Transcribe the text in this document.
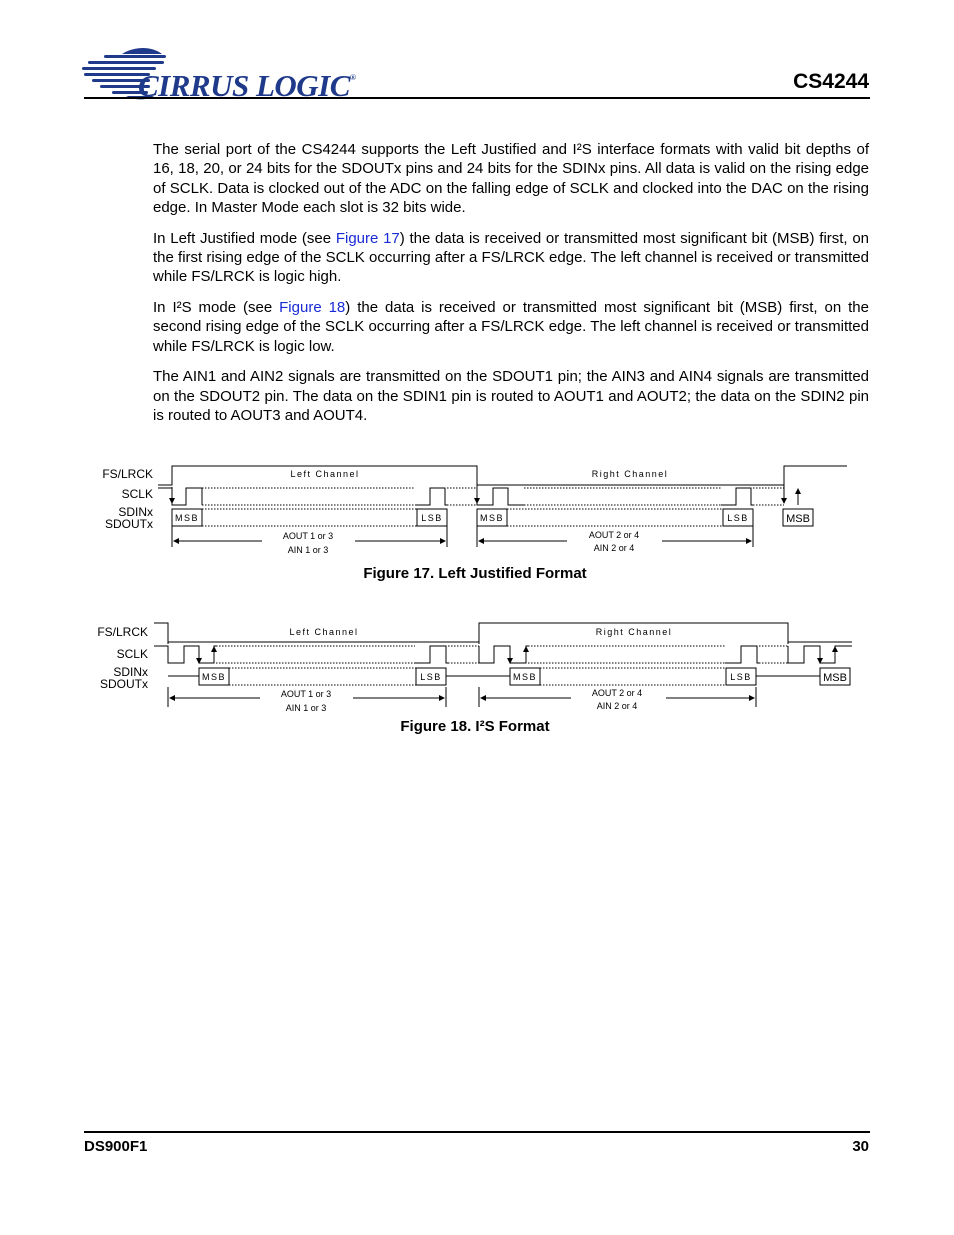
CIRRUS LOGIC®	CS4244

The serial port of the CS4244 supports the Left Justified and I²S interface formats with valid bit depths of 16, 18, 20, or 24 bits for the SDOUTx pins and 24 bits for the SDINx pins. All data is valid on the rising edge of SCLK. Data is clocked out of the ADC on the falling edge of SCLK and clocked into the DAC on the rising edge. In Master Mode each slot is 32 bits wide.

In Left Justified mode (see Figure 17) the data is received or transmitted most significant bit (MSB) first, on the first rising edge of the SCLK occurring after a FS/LRCK edge. The left channel is received or transmitted while FS/LRCK is logic high.

In I²S mode (see Figure 18) the data is received or transmitted most significant bit (MSB) first, on the second rising edge of the SCLK occurring after a FS/LRCK edge. The left channel is received or transmitted while FS/LRCK is logic low.

The AIN1 and AIN2 signals are transmitted on the SDOUT1 pin; the AIN3 and AIN4 signals are transmitted on the SDOUT2 pin. The data on the SDIN1 pin is routed to AOUT1 and AOUT2; the data on the SDIN2 pin is routed to AOUT3 and AOUT4.

FS/LRCK
SCLK
SDINx
SDOUTx
Left Channel	Right Channel
MSB	LSB	MSB	LSB	MSB
AOUT 1 or 3
AIN 1 or 3
AOUT 2 or 4
AIN 2 or 4
Figure 17. Left Justified Format
FS/LRCK
SCLK
SDINx
SDOUTx
Left Channel	Right Channel
MSB	LSB	MSB	LSB	MSB
AOUT 1 or 3
AIN 1 or 3
AOUT 2 or 4
AIN 2 or 4
Figure 18. I²S Format
DS900F1	30
